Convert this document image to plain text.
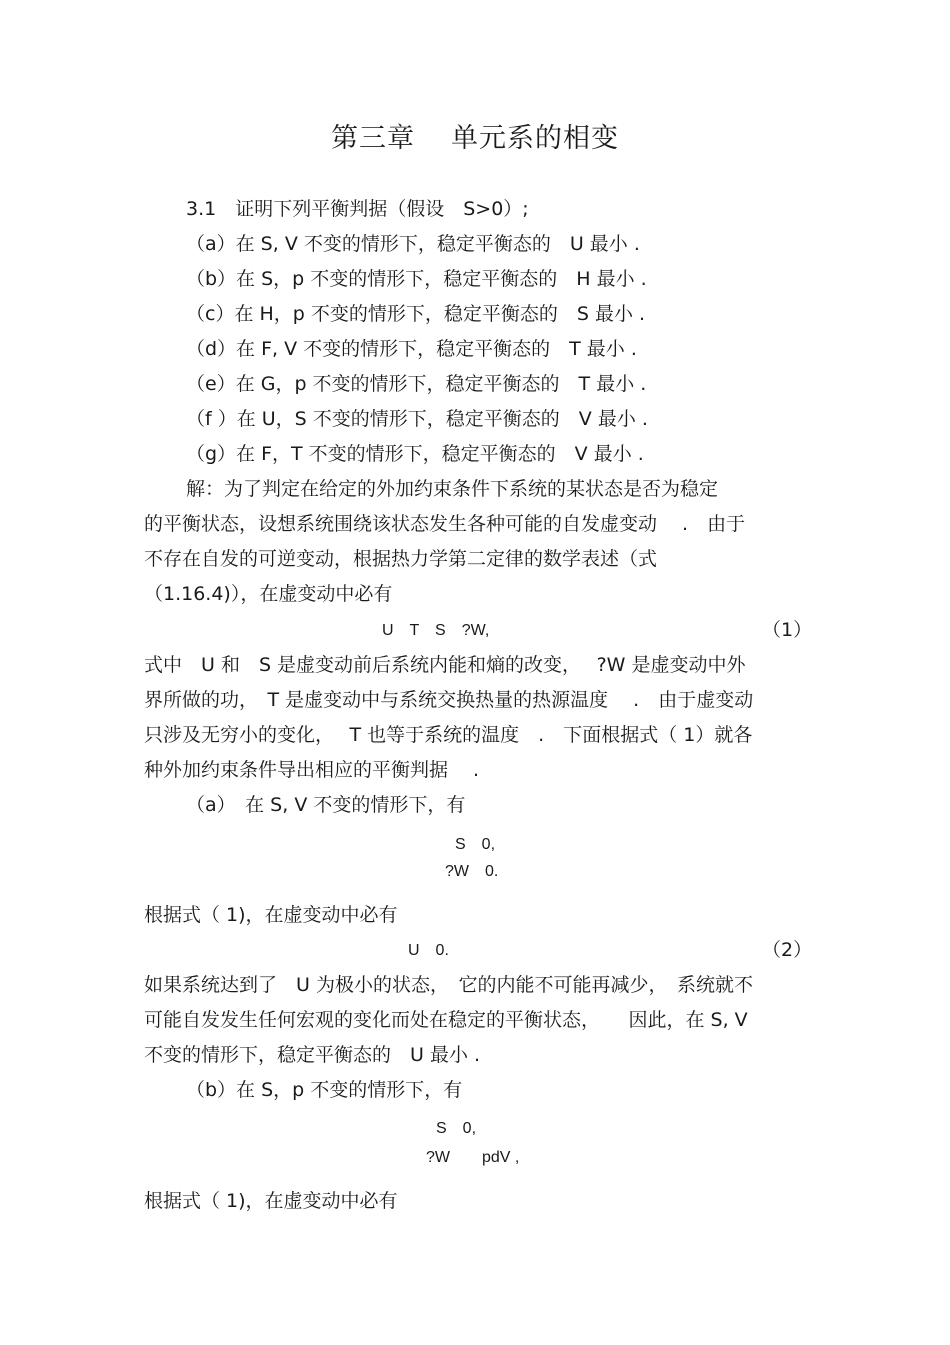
第三章 单元系的相变
3.1　证明下列平衡判据（假设　S>0）;
（a）在 S, V 不变的情形下，稳定平衡态的　U 最小 .
（b）在 S，p 不变的情形下，稳定平衡态的　H 最小 .
（c）在 H，p 不变的情形下，稳定平衡态的　S 最小 .
（d）在 F, V 不变的情形下，稳定平衡态的　T 最小 .
（e）在 G，p 不变的情形下，稳定平衡态的　T 最小 .
（f ）在 U，S 不变的情形下，稳定平衡态的　V 最小 .
（g）在 F，T 不变的情形下，稳定平衡态的　V 最小 .
解：为了判定在给定的外加约束条件下系统的某状态是否为稳定
的平衡状态，设想系统围绕该状态发生各种可能的自发虚变动　 .　由于
不存在自发的可逆变动，根据热力学第二定律的数学表述（式
（1.16.4)），在虚变动中必有
U　T　S　?W,	（1）
式中　U 和　S 是虚变动前后系统内能和熵的改变，　 ?W 是虚变动中外
界所做的功，　T 是虚变动中与系统交换热量的热源温度　 .　由于虚变动
只涉及无穷小的变化，　 T 也等于系统的温度　.　下面根据式（ 1）就各
种外加约束条件导出相应的平衡判据　 .
（a）　在 S, V 不变的情形下，有
S　0,
?W　0.
根据式（ 1)，在虚变动中必有
U　0.	（2）
如果系统达到了　U 为极小的状态，　它的内能不可能再减少，　系统就不
可能自发发生任何宏观的变化而处在稳定的平衡状态，　　因此，在 S, V
不变的情形下，稳定平衡态的　U 最小 .
（b）在 S，p 不变的情形下，有
S　0,
?W　　pdV ,
根据式（ 1)，在虚变动中必有
